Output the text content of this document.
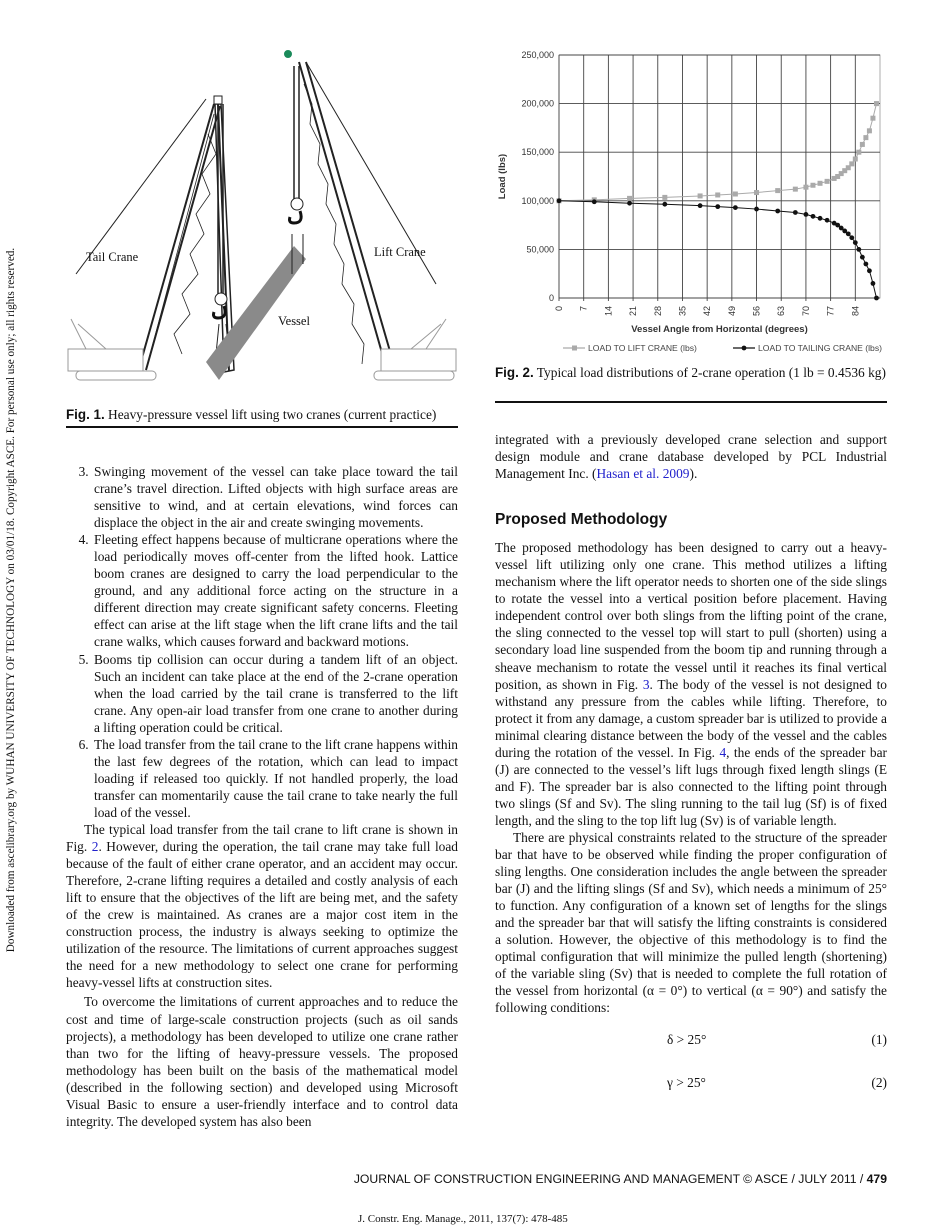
Downloaded from ascelibrary.org by WUHAN UNIVERSITY OF TECHNOLOGY on 03/01/18. Copyright ASCE. For personal use only; all rights reserved.	Tail Crane	Lift Crane
Vessel
Fig. 1. Heavy-pressure vessel lift using two cranes (current practice)
0
50,000
100,000
150,000
200,000
250,000
0 7 14 21 28 35 42 49 56 63 70 77 84
Vessel Angle from Horizontal (degrees)
Load (lbs)
LOAD TO LIFT CRANE (lbs)	LOAD TO TAILING CRANE (lbs)
Fig. 2. Typical load distributions of 2-crane operation (1 lb = 0.4536 kg)
3. Swinging movement of the vessel can take place toward the tail crane’s travel direction. Lifted objects with high surface areas are sensitive to wind, and at certain elevations, wind forces can displace the object in the air and create swinging movements.
4. Fleeting effect happens because of multicrane operations where the load periodically moves off-center from the lifted hook. Lattice boom cranes are designed to carry the load perpendicular to the ground, and any additional force acting on the structure in a different direction may create significant safety concerns. Fleeting effect can arise at the lift stage when the lift crane lifts and the tail crane walks, which causes forward and backward motions.
5. Booms tip collision can occur during a tandem lift of an object. Such an incident can take place at the end of the 2-crane operation when the load carried by the tail crane is transferred to the lift crane. Any open-air load transfer from one crane to another during a lifting operation could be critical.
6. The load transfer from the tail crane to the lift crane happens within the last few degrees of the rotation, which can lead to impact loading if released too quickly. If not handled properly, the load transfer can momentarily cause the tail crane to take nearly the full load of the vessel.

The typical load transfer from the tail crane to lift crane is shown in Fig. 2. However, during the operation, the tail crane may take full load because of the fault of either crane operator, and an accident may occur. Therefore, 2-crane lifting requires a detailed and costly analysis of each lift to ensure that the objectives of the lift are being met, and the safety of the crew is maintained. As cranes are a major cost item in the construction process, the industry is always seeking to optimize the utilization of the resource. The limitations of current approaches suggest the need for a new methodology to select one crane for performing heavy-vessel lifts at construction sites.

To overcome the limitations of current approaches and to reduce the cost and time of large-scale construction projects (such as oil sands projects), a methodology has been developed to utilize one crane rather than two for the lifting of heavy-pressure vessels. The proposed methodology has been built on the basis of the mathematical model (described in the following section) and developed using Microsoft Visual Basic to ensure a user-friendly interface and to control data integrity. The developed system has also been

integrated with a previously developed crane selection and support design module and crane database developed by PCL Industrial Management Inc. (Hasan et al. 2009).

Proposed Methodology

The proposed methodology has been designed to carry out a heavy-vessel lift utilizing only one crane. This method utilizes a lifting mechanism where the lift operator needs to shorten one of the side slings to rotate the vessel into a vertical position before placement. Having independent control over both slings from the lifting point of the crane, the sling connected to the vessel top will start to pull (shorten) using a secondary load line suspended from the boom tip and running through a sheave mechanism to rotate the vessel until it reaches its final vertical position, as shown in Fig. 3. The body of the vessel is not designed to withstand any pressure from the cables while lifting. Therefore, to protect it from any damage, a custom spreader bar is utilized to provide a minimal clearing distance between the body of the vessel and the cables during the rotation of the vessel. In Fig. 4, the ends of the spreader bar (J) are connected to the vessel’s lift lugs through fixed length slings (E and F). The spreader bar is also connected to the lifting point through two slings (Sf and Sv). The sling running to the tail lug (Sf) is of fixed length, and the sling to the top lift lug (Sv) is of variable length.

There are physical constraints related to the structure of the spreader bar that have to be observed while finding the proper configuration of sling lengths. One consideration includes the angle between the spreader bar (J) and the lifting slings (Sf and Sv), which needs a minimum of 25° to function. Any configuration of a known set of lengths for the slings and the spreader bar that will satisfy the lifting constraints is considered a solution. However, the objective of this methodology is to find the optimal configuration that will minimize the pulled length (shortening) of the variable sling (Sv) that is needed to complete the full rotation of the vessel from horizontal (α = 0°) to vertical (α = 90°) and satisfy the following conditions:

δ > 25°	(1)
γ > 25°	(2)
JOURNAL OF CONSTRUCTION ENGINEERING AND MANAGEMENT © ASCE / JULY 2011 / 479
J. Constr. Eng. Manage., 2011, 137(7): 478-485
